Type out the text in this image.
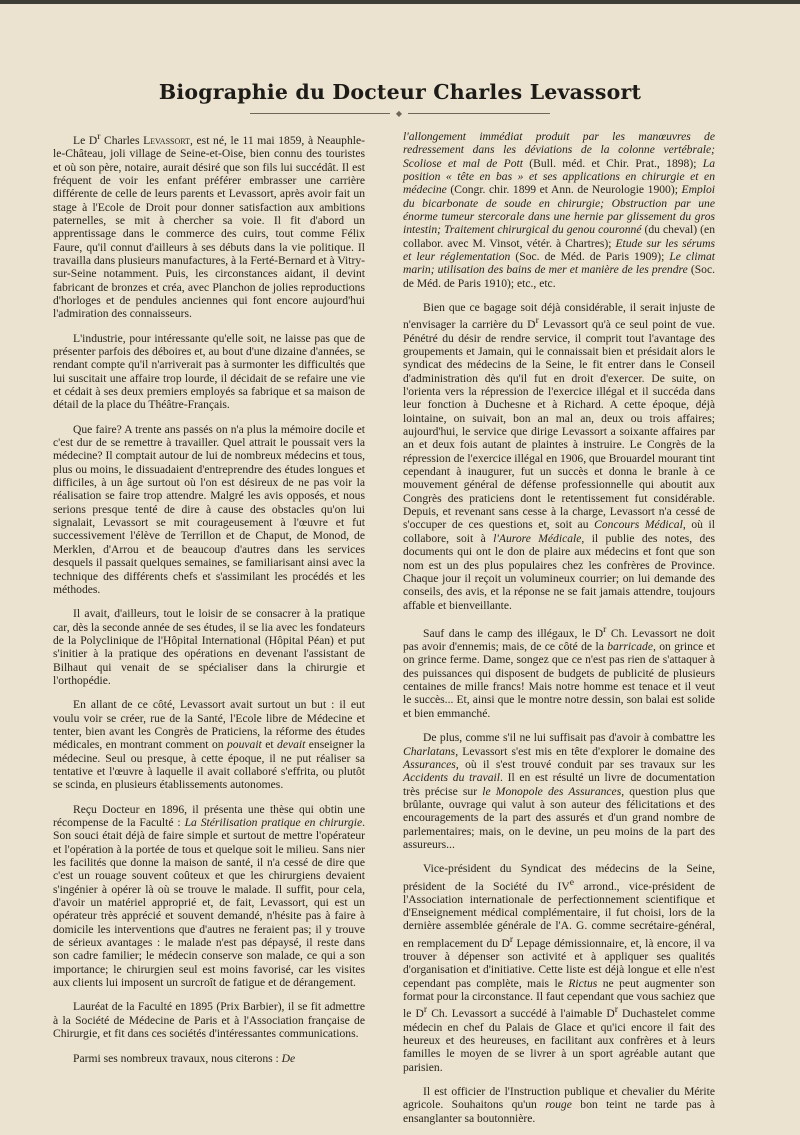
Biographie du Docteur Charles Levassort
◆

Le $D^r$ Charles Levassort, est né, le 11 mai 1859, à Neauphle-le-Château, joli village de Seine-et-Oise, bien connu des touristes et où son père, notaire, aurait désiré que son fils lui succédât. Il est fréquent de voir les enfant préférer embrasser une carrière différente de celle de leurs parents et Levassort, après avoir fait un stage à l'Ecole de Droit pour donner satisfaction aux ambitions paternelles, se mit à chercher sa voie. Il fit d'abord un apprentissage dans le commerce des cuirs, tout comme Félix Faure, qu'il connut d'ailleurs à ses débuts dans la vie politique. Il travailla dans plusieurs manufactures, à la Ferté-Bernard et à Vitry-sur-Seine notamment. Puis, les circonstances aidant, il devint fabricant de bronzes et créa, avec Planchon de jolies reproductions d'horloges et de pendules anciennes qui font encore aujourd'hui l'admiration des connaisseurs.

L'industrie, pour intéressante qu'elle soit, ne laisse pas que de présenter parfois des déboires et, au bout d'une dizaine d'années, se rendant compte qu'il n'arriverait pas à surmonter les difficultés que lui suscitait une affaire trop lourde, il décidait de se refaire une vie et cédait à ses deux premiers employés sa fabrique et sa maison de détail de la place du Théâtre-Français.

Que faire? A trente ans passés on n'a plus la mémoire docile et c'est dur de se remettre à travailler. Quel attrait le poussait vers la médecine? Il comptait autour de lui de nombreux médecins et tous, plus ou moins, le dissuadaient d'entreprendre des études longues et difficiles, à un âge surtout où l'on est désireux de ne pas voir la réalisation se faire trop attendre. Malgré les avis opposés, et nous serions presque tenté de dire à cause des obstacles qu'on lui signalait, Levassort se mit courageusement à l'œuvre et fut successivement l'élève de Terrillon et de Chaput, de Monod, de Merklen, d'Arrou et de beaucoup d'autres dans les services desquels il passait quelques semaines, se familiarisant ainsi avec la technique des différents chefs et s'assimilant les procédés et les méthodes.

Il avait, d'ailleurs, tout le loisir de se consacrer à la pratique car, dès la seconde année de ses études, il se lia avec les fondateurs de la Polyclinique de l'Hôpital International (Hôpital Péan) et put s'initier à la pratique des opérations en devenant l'assistant de Bilhaut qui venait de se spécialiser dans la chirurgie et l'orthopédie.

En allant de ce côté, Levassort avait surtout un but : il eut voulu voir se créer, rue de la Santé, l'Ecole libre de Médecine et tenter, bien avant les Congrès de Praticiens, la réforme des études médicales, en montrant comment on pouvait et devait enseigner la médecine. Seul ou presque, à cette époque, il ne put réaliser sa tentative et l'œuvre à laquelle il avait collaboré s'effrita, ou plutôt se scinda, en plusieurs établissements autonomes.

Reçu Docteur en 1896, il présenta une thèse qui obtin une récompense de la Faculté : La Stérilisation pratique en chirurgie. Son souci était déjà de faire simple et surtout de mettre l'opérateur et l'opération à la portée de tous et quelque soit le milieu. Sans nier les facilités que donne la maison de santé, il n'a cessé de dire que c'est un rouage souvent coûteux et que les chirurgiens devaient s'ingénier à opérer là où se trouve le malade. Il suffit, pour cela, d'avoir un matériel approprié et, de fait, Levassort, qui est un opérateur très apprécié et souvent demandé, n'hésite pas à faire à domicile les interventions que d'autres ne feraient pas; il y trouve de sérieux avantages : le malade n'est pas dépaysé, il reste dans son cadre familier; le médecin conserve son malade, ce qui a son importance; le chirurgien seul est moins favorisé, car les visites aux clients lui imposent un surcroît de fatigue et de dérangement.

Lauréat de la Faculté en 1895 (Prix Barbier), il se fit admettre à la Société de Médecine de Paris et à l'Association française de Chirurgie, et fit dans ces sociétés d'intéressantes communications.

Parmi ses nombreux travaux, nous citerons : De

l'allongement immédiat produit par les manœuvres de redressement dans les déviations de la colonne vertébrale; Scoliose et mal de Pott (Bull. méd. et Chir. Prat., 1898); La position « tête en bas » et ses applications en chirurgie et en médecine (Congr. chir. 1899 et Ann. de Neurologie 1900); Emploi du bicarbonate de soude en chirurgie; Obstruction par une énorme tumeur stercorale dans une hernie par glissement du gros intestin; Traitement chirurgical du genou couronné (du cheval) (en collabor. avec M. Vinsot, vétér. à Chartres); Etude sur les sérums et leur réglementation (Soc. de Méd. de Paris 1909); Le climat marin; utilisation des bains de mer et manière de les prendre (Soc. de Méd. de Paris 1910); etc., etc.

Bien que ce bagage soit déjà considérable, il serait injuste de n'envisager la carrière du $D^r$ Levassort qu'à ce seul point de vue. Pénétré du désir de rendre service, il comprit tout l'avantage des groupements et Jamain, qui le connaissait bien et présidait alors le syndicat des médecins de la Seine, le fit entrer dans le Conseil d'administration dès qu'il fut en droit d'exercer. De suite, on l'orienta vers la répression de l'exercice illégal et il succéda dans leur fonction à Duchesne et à Richard. A cette époque, déjà lointaine, on suivait, bon an mal an, deux ou trois affaires; aujourd'hui, le service que dirige Levassort a soixante affaires par an et deux fois autant de plaintes à instruire. Le Congrès de la répression de l'exercice illégal en 1906, que Brouardel mourant tint cependant à inaugurer, fut un succès et donna le branle à ce mouvement général de défense professionnelle qui aboutit aux Congrès des praticiens dont le retentissement fut considérable. Depuis, et revenant sans cesse à la charge, Levassort n'a cessé de s'occuper de ces questions et, soit au Concours Médical, où il collabore, soit à l'Aurore Médicale, il publie des notes, des documents qui ont le don de plaire aux médecins et font que son nom est un des plus populaires chez les confrères de Province. Chaque jour il reçoit un volumineux courrier; on lui demande des conseils, des avis, et la réponse ne se fait jamais attendre, toujours affable et bienveillante.

Sauf dans le camp des illégaux, le $D^r$ Ch. Levassort ne doit pas avoir d'ennemis; mais, de ce côté de la barricade, on grince et on grince ferme. Dame, songez que ce n'est pas rien de s'attaquer à des puissances qui disposent de budgets de publicité de plusieurs centaines de mille francs! Mais notre homme est tenace et il veut le succès... Et, ainsi que le montre notre dessin, son balai est solide et bien emmanché.

De plus, comme s'il ne lui suffisait pas d'avoir à combattre les Charlatans, Levassort s'est mis en tête d'explorer le domaine des Assurances, où il s'est trouvé conduit par ses travaux sur les Accidents du travail. Il en est résulté un livre de documentation très précise sur le Monopole des Assurances, question plus que brûlante, ouvrage qui valut à son auteur des félicitations et des encouragements de la part des assurés et d'un grand nombre de parlementaires; mais, on le devine, un peu moins de la part des assureurs...

Vice-président du Syndicat des médecins de la Seine, président de la Société du IVe arrond., vice-président de l'Association internationale de perfectionnement scientifique et d'Enseignement médical complémentaire, il fut choisi, lors de la dernière assemblée générale de l'A. G. comme secrétaire-général, en remplacement du $D^r$ Lepage démissionnaire, et, là encore, il va trouver à dépenser son activité et à appliquer ses qualités d'organisation et d'initiative. Cette liste est déjà longue et elle n'est cependant pas complète, mais le Rictus ne peut augmenter son format pour la circonstance. Il faut cependant que vous sachiez que le $D^r$ Ch. Levassort a succédé à l'aimable $D^r$ Duchastelet comme médecin en chef du Palais de Glace et qu'ici encore il fait des heureux et des heureuses, en facilitant aux confrères et à leurs familles le moyen de se livrer à un sport agréable autant que parisien.

Il est officier de l'Instruction publique et chevalier du Mérite agricole. Souhaitons qu'un rouge bon teint ne tarde pas à ensanglanter sa boutonnière.
